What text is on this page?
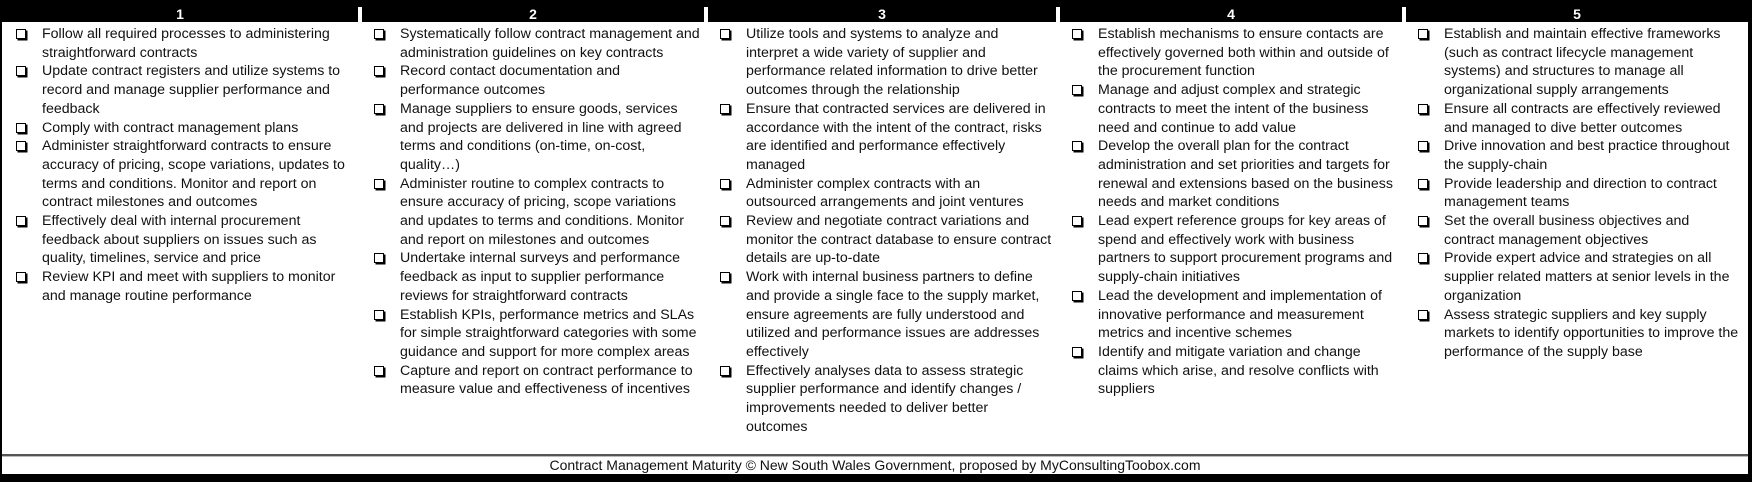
1
Follow all required processes to administering straightforward contracts
Update contract registers and utilize systems to record and manage supplier performance and feedback
Comply with contract management plans
Administer straightforward contracts to ensure accuracy of pricing, scope variations, updates to terms and conditions. Monitor and report on contract milestones and outcomes
Effectively deal with internal procurement feedback about suppliers on issues such as quality, timelines, service and price
Review KPI and meet with suppliers to monitor and manage routine performance
2
Systematically follow contract management and administration guidelines on key contracts
Record contact documentation and performance outcomes
Manage suppliers to ensure goods, services and projects are delivered in line with agreed terms and conditions (on-time, on-cost, quality…)
Administer routine to complex contracts to ensure accuracy of pricing, scope variations and updates to terms and conditions. Monitor and report on milestones and outcomes
Undertake internal surveys and performance feedback as input to supplier performance reviews for straightforward contracts
Establish KPIs, performance metrics and SLAs for simple straightforward categories with some guidance and support for more complex areas
Capture and report on contract performance to measure value and effectiveness of incentives
3
Utilize tools and systems to analyze and interpret a wide variety of supplier and performance related information to drive better outcomes through the relationship
Ensure that contracted services are delivered in accordance with the intent of the contract, risks are identified and performance effectively managed
Administer complex contracts with an outsourced arrangements and joint ventures
Review and negotiate contract variations and monitor the contract database to ensure contract details are up-to-date
Work with internal business partners to define and provide a single face to the supply market, ensure agreements are fully understood and utilized and performance issues are addresses effectively
Effectively analyses data to assess strategic supplier performance and identify changes / improvements needed to deliver better outcomes
4
Establish mechanisms to ensure contacts are effectively governed both within and outside of the procurement function
Manage and adjust complex and strategic contracts to meet the intent of the business need and continue to add value
Develop the overall plan for the contract administration and set priorities and targets for renewal and extensions based on the business needs and market conditions
Lead expert reference groups for key areas of spend and effectively work with business partners to support procurement programs and supply-chain initiatives
Lead the development and implementation of innovative performance and measurement metrics and incentive schemes
Identify and mitigate variation and change claims which arise, and resolve conflicts with suppliers
5
Establish and maintain effective frameworks (such as contract lifecycle management systems) and structures to manage all organizational supply arrangements
Ensure all contracts are effectively reviewed and managed to dive better outcomes
Drive innovation and best practice throughout the supply-chain
Provide leadership and direction to contract management teams
Set the overall business objectives and contract management objectives
Provide expert advice and strategies on all supplier related matters at senior levels in the organization
Assess strategic suppliers and key supply markets to identify opportunities to improve the performance of the supply base
Contract Management Maturity © New South Wales Government, proposed by MyConsultingToobox.com
